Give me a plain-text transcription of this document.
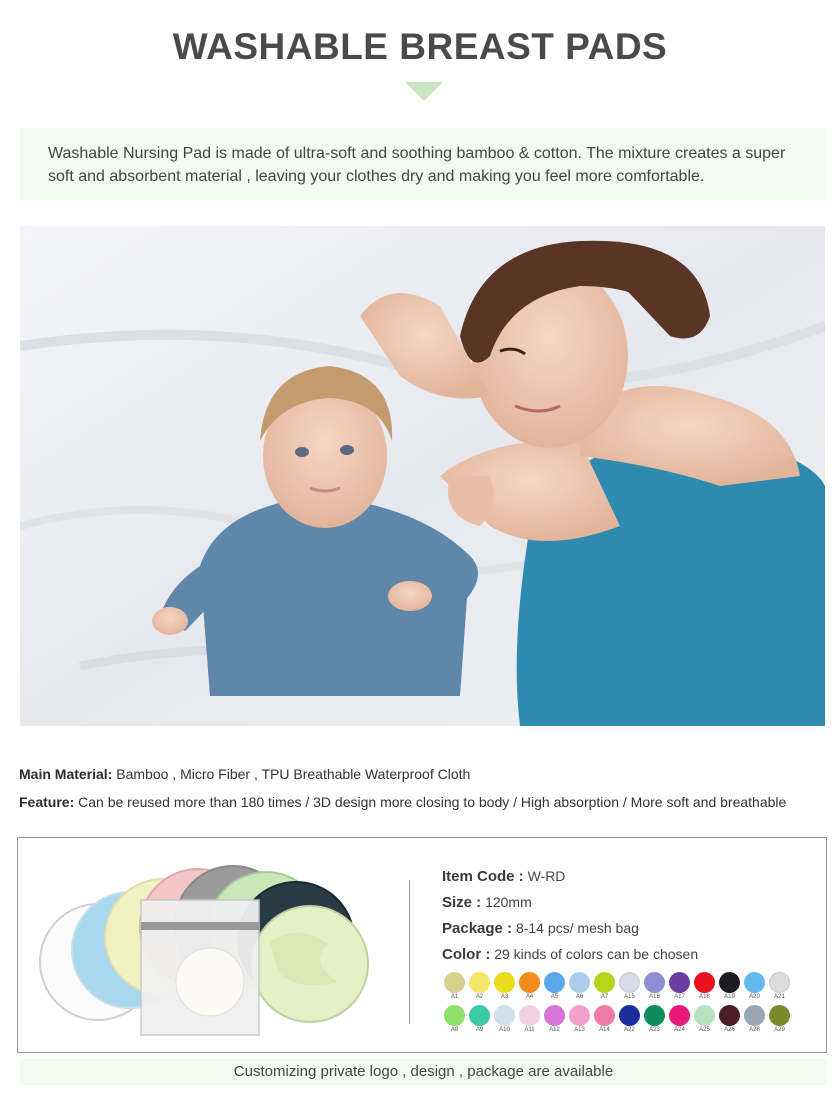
WASHABLE BREAST PADS
Washable Nursing Pad is made of ultra-soft and soothing bamboo & cotton. The mixture creates a super soft and absorbent material , leaving your clothes dry and making you feel more comfortable.
Main Material: Bamboo , Micro Fiber , TPU Breathable Waterproof Cloth
Feature: Can be reused more than 180 times / 3D design more closing to body / High absorption / More soft and breathable
Item Code : W-RD
Size : 120mm
Package : 8-14 pcs/ mesh bag
Color : 29 kinds of colors can be chosen
A1	A2	A3	A4	A5	A6	A7	A15	A16	A17	A18	A19	A20	A21
A8	A9	A10	A11	A12	A13	A14	A22	A23	A24	A25	A26	A28	A29
Customizing private logo , design , package are available
